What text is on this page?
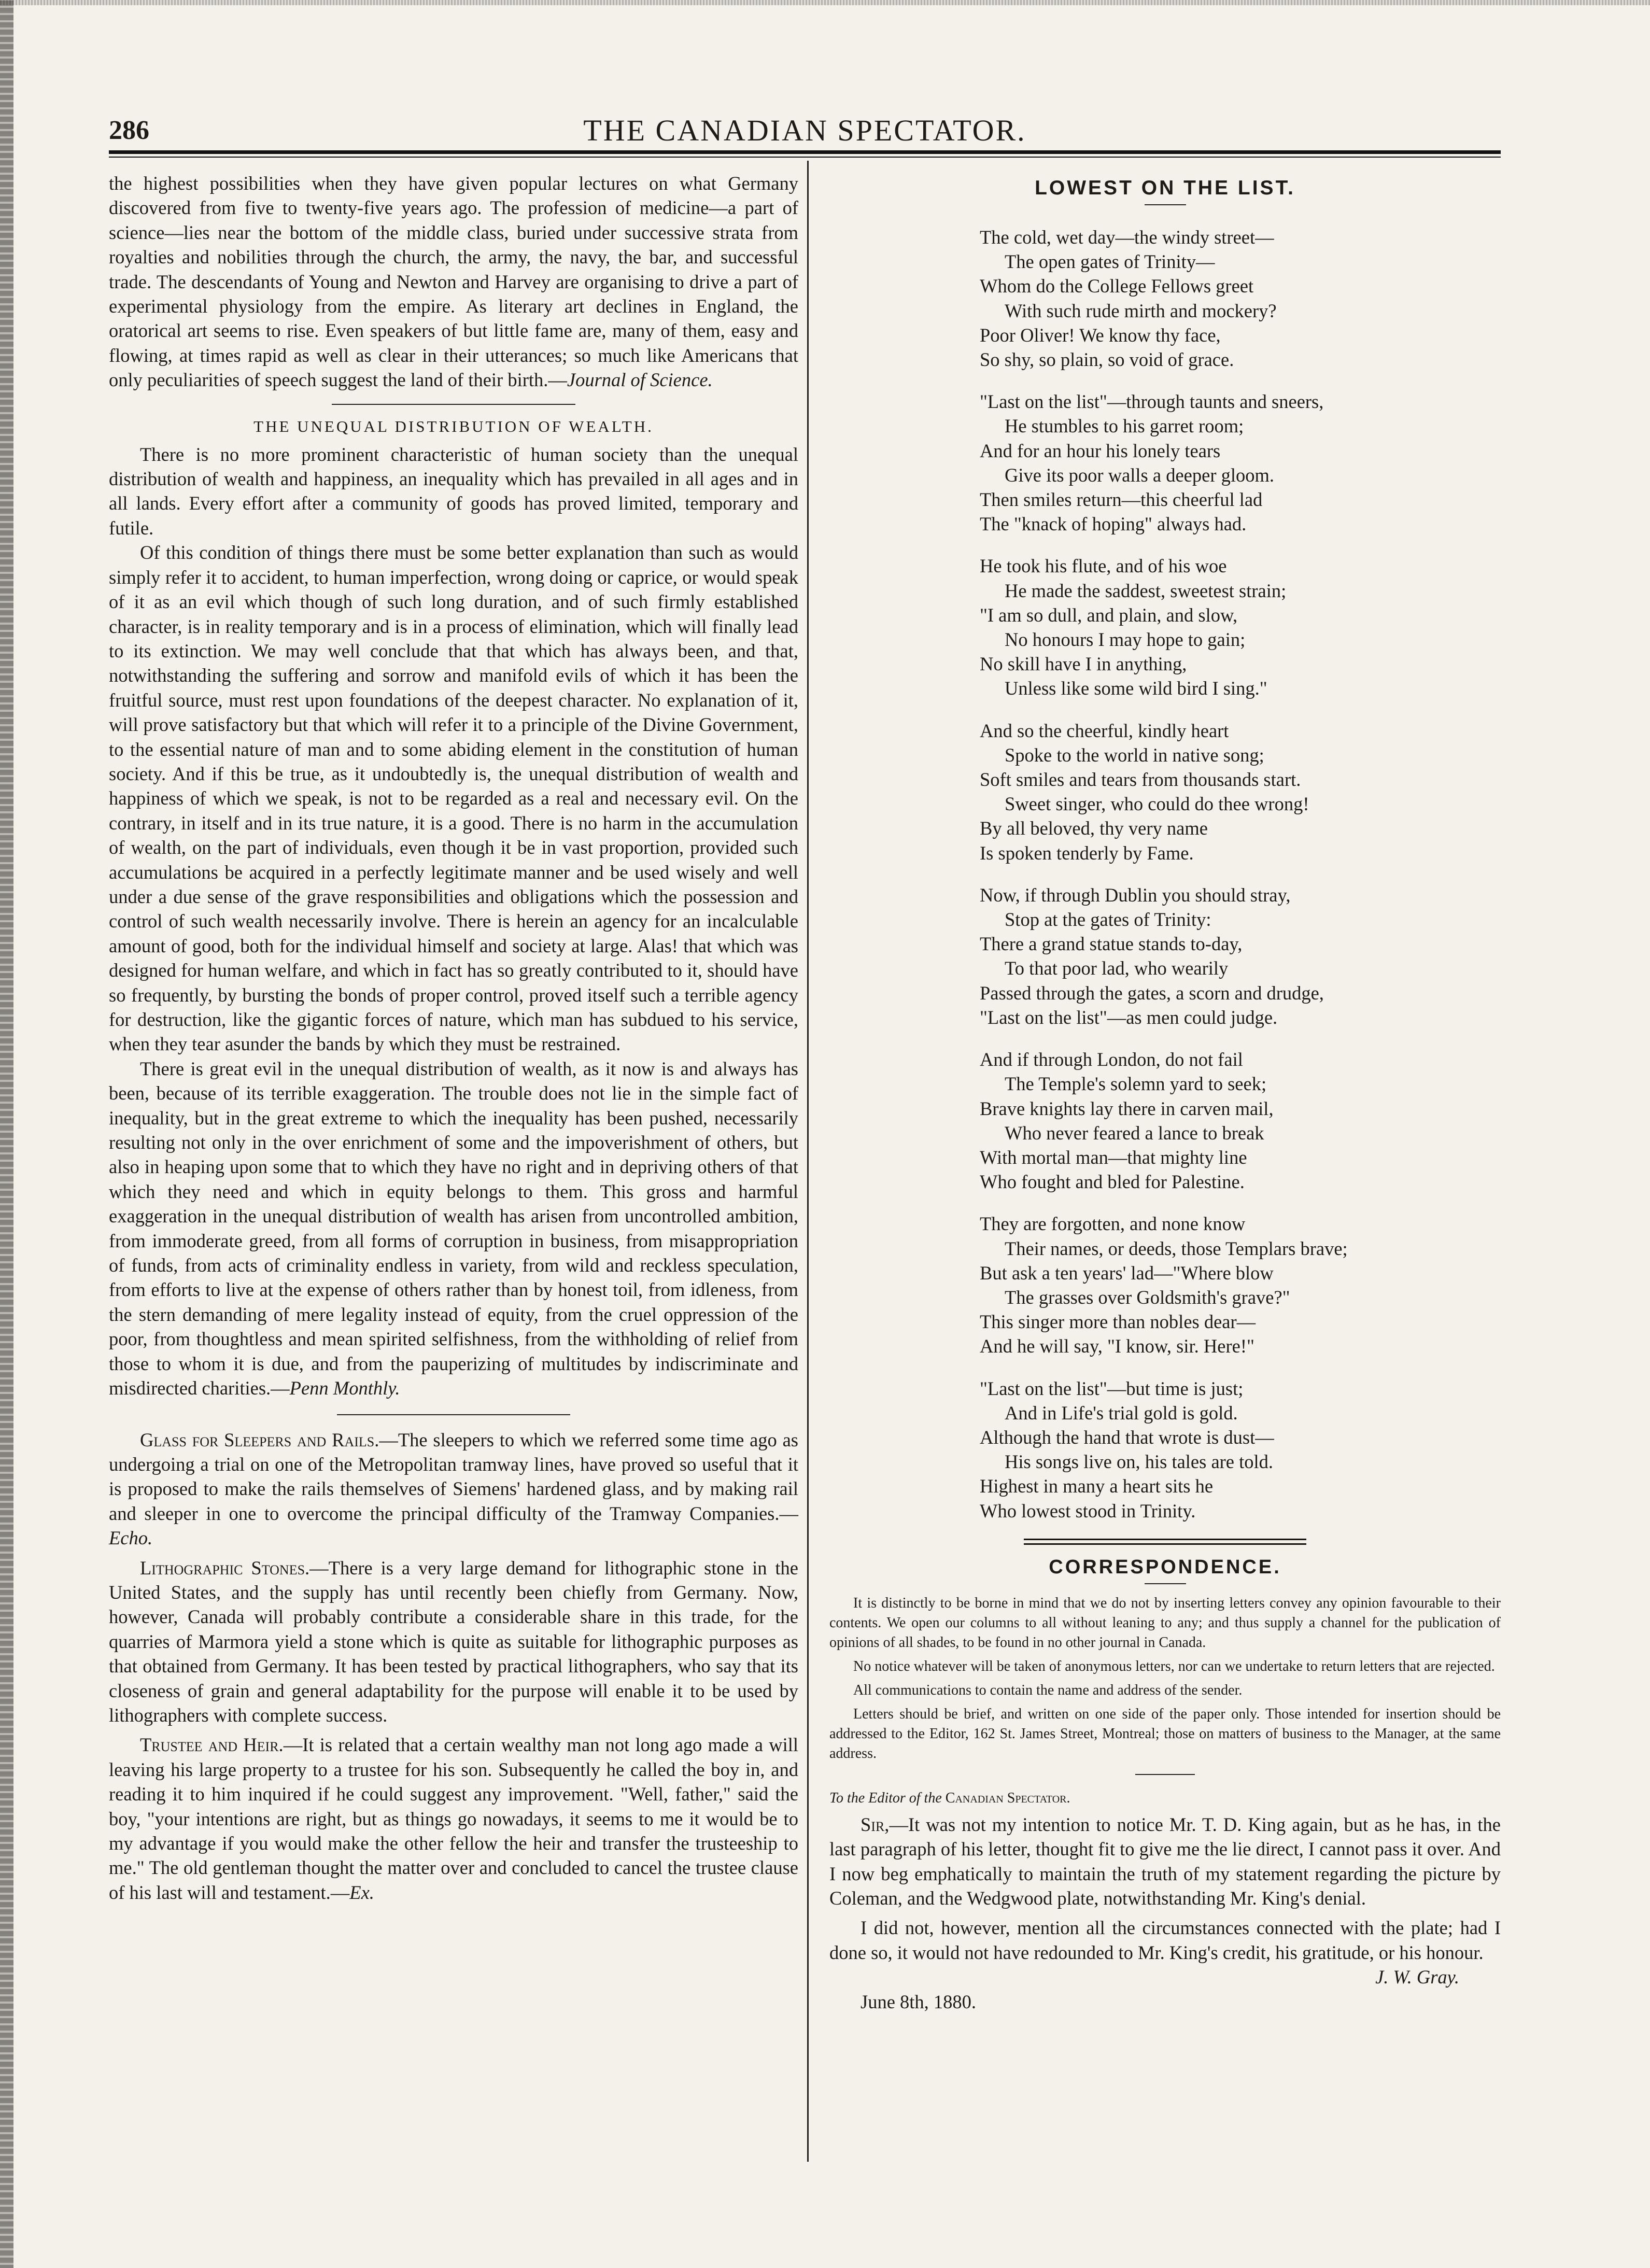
286	THE CANADIAN SPECTATOR.

the highest possibilities when they have given popular lectures on what Germany discovered from five to twenty-five years ago. The profession of medicine—a part of science—lies near the bottom of the middle class, buried under successive strata from royalties and nobilities through the church, the army, the navy, the bar, and successful trade. The descendants of Young and Newton and Harvey are organising to drive a part of experimental physiology from the empire. As literary art declines in England, the oratorical art seems to rise. Even speakers of but little fame are, many of them, easy and flowing, at times rapid as well as clear in their utterances; so much like Americans that only peculiarities of speech suggest the land of their birth.—Journal of Science.

THE UNEQUAL DISTRIBUTION OF WEALTH.

There is no more prominent characteristic of human society than the unequal distribution of wealth and happiness, an inequality which has prevailed in all ages and in all lands. Every effort after a community of goods has proved limited, temporary and futile.

Of this condition of things there must be some better explanation than such as would simply refer it to accident, to human imperfection, wrong doing or caprice, or would speak of it as an evil which though of such long duration, and of such firmly established character, is in reality temporary and is in a process of elimination, which will finally lead to its extinction. We may well conclude that that which has always been, and that, notwithstanding the suffering and sorrow and manifold evils of which it has been the fruitful source, must rest upon foundations of the deepest character. No explanation of it, will prove satisfactory but that which will refer it to a principle of the Divine Government, to the essential nature of man and to some abiding element in the constitution of human society. And if this be true, as it undoubtedly is, the unequal distribution of wealth and happiness of which we speak, is not to be regarded as a real and necessary evil. On the contrary, in itself and in its true nature, it is a good. There is no harm in the accumulation of wealth, on the part of individuals, even though it be in vast proportion, provided such accumulations be acquired in a perfectly legitimate manner and be used wisely and well under a due sense of the grave responsibilities and obligations which the possession and control of such wealth necessarily involve. There is herein an agency for an incalculable amount of good, both for the individual himself and society at large. Alas! that which was designed for human welfare, and which in fact has so greatly contributed to it, should have so frequently, by bursting the bonds of proper control, proved itself such a terrible agency for destruction, like the gigantic forces of nature, which man has subdued to his service, when they tear asunder the bands by which they must be restrained.

There is great evil in the unequal distribution of wealth, as it now is and always has been, because of its terrible exaggeration. The trouble does not lie in the simple fact of inequality, but in the great extreme to which the inequality has been pushed, necessarily resulting not only in the over enrichment of some and the impoverishment of others, but also in heaping upon some that to which they have no right and in depriving others of that which they need and which in equity belongs to them. This gross and harmful exaggeration in the unequal distribution of wealth has arisen from uncontrolled ambition, from immoderate greed, from all forms of corruption in business, from misappropriation of funds, from acts of criminality endless in variety, from wild and reckless speculation, from efforts to live at the expense of others rather than by honest toil, from idleness, from the stern demanding of mere legality instead of equity, from the cruel oppression of the poor, from thoughtless and mean spirited selfishness, from the withholding of relief from those to whom it is due, and from the pauperizing of multitudes by indiscriminate and misdirected charities.—Penn Monthly.

Glass for Sleepers and Rails.—The sleepers to which we referred some time ago as undergoing a trial on one of the Metropolitan tramway lines, have proved so useful that it is proposed to make the rails themselves of Siemens' hardened glass, and by making rail and sleeper in one to overcome the principal difficulty of the Tramway Companies.—Echo.

Lithographic Stones.—There is a very large demand for lithographic stone in the United States, and the supply has until recently been chiefly from Germany. Now, however, Canada will probably contribute a considerable share in this trade, for the quarries of Marmora yield a stone which is quite as suitable for lithographic purposes as that obtained from Germany. It has been tested by practical lithographers, who say that its closeness of grain and general adaptability for the purpose will enable it to be used by lithographers with complete success.

Trustee and Heir.—It is related that a certain wealthy man not long ago made a will leaving his large property to a trustee for his son. Subsequently he called the boy in, and reading it to him inquired if he could suggest any improvement. "Well, father," said the boy, "your intentions are right, but as things go nowadays, it seems to me it would be to my advantage if you would make the other fellow the heir and transfer the trusteeship to me." The old gentleman thought the matter over and concluded to cancel the trustee clause of his last will and testament.—Ex.

LOWEST ON THE LIST.
The cold, wet day—the windy street—
The open gates of Trinity—
Whom do the College Fellows greet
With such rude mirth and mockery?
Poor Oliver! We know thy face,
So shy, so plain, so void of grace.
"Last on the list"—through taunts and sneers,
He stumbles to his garret room;
And for an hour his lonely tears
Give its poor walls a deeper gloom.
Then smiles return—this cheerful lad
The "knack of hoping" always had.
He took his flute, and of his woe
He made the saddest, sweetest strain;
"I am so dull, and plain, and slow,
No honours I may hope to gain;
No skill have I in anything,
Unless like some wild bird I sing."
And so the cheerful, kindly heart
Spoke to the world in native song;
Soft smiles and tears from thousands start.
Sweet singer, who could do thee wrong!
By all beloved, thy very name
Is spoken tenderly by Fame.
Now, if through Dublin you should stray,
Stop at the gates of Trinity:
There a grand statue stands to-day,
To that poor lad, who wearily
Passed through the gates, a scorn and drudge,
"Last on the list"—as men could judge.
And if through London, do not fail
The Temple's solemn yard to seek;
Brave knights lay there in carven mail,
Who never feared a lance to break
With mortal man—that mighty line
Who fought and bled for Palestine.
They are forgotten, and none know
Their names, or deeds, those Templars brave;
But ask a ten years' lad—"Where blow
The grasses over Goldsmith's grave?"
This singer more than nobles dear—
And he will say, "I know, sir. Here!"
"Last on the list"—but time is just;
And in Life's trial gold is gold.
Although the hand that wrote is dust—
His songs live on, his tales are told.
Highest in many a heart sits he
Who lowest stood in Trinity.
CORRESPONDENCE.

It is distinctly to be borne in mind that we do not by inserting letters convey any opinion favourable to their contents. We open our columns to all without leaning to any; and thus supply a channel for the publication of opinions of all shades, to be found in no other journal in Canada.

No notice whatever will be taken of anonymous letters, nor can we undertake to return letters that are rejected.

All communications to contain the name and address of the sender.

Letters should be brief, and written on one side of the paper only. Those intended for insertion should be addressed to the Editor, 162 St. James Street, Montreal; those on matters of business to the Manager, at the same address.

To the Editor of the Canadian Spectator.

Sir,—It was not my intention to notice Mr. T. D. King again, but as he has, in the last paragraph of his letter, thought fit to give me the lie direct, I cannot pass it over. And I now beg emphatically to maintain the truth of my statement regarding the picture by Coleman, and the Wedgwood plate, notwithstanding Mr. King's denial.

I did not, however, mention all the circumstances connected with the plate; had I done so, it would not have redounded to Mr. King's credit, his gratitude, or his honour.
J. W. Gray.

June 8th, 1880.
